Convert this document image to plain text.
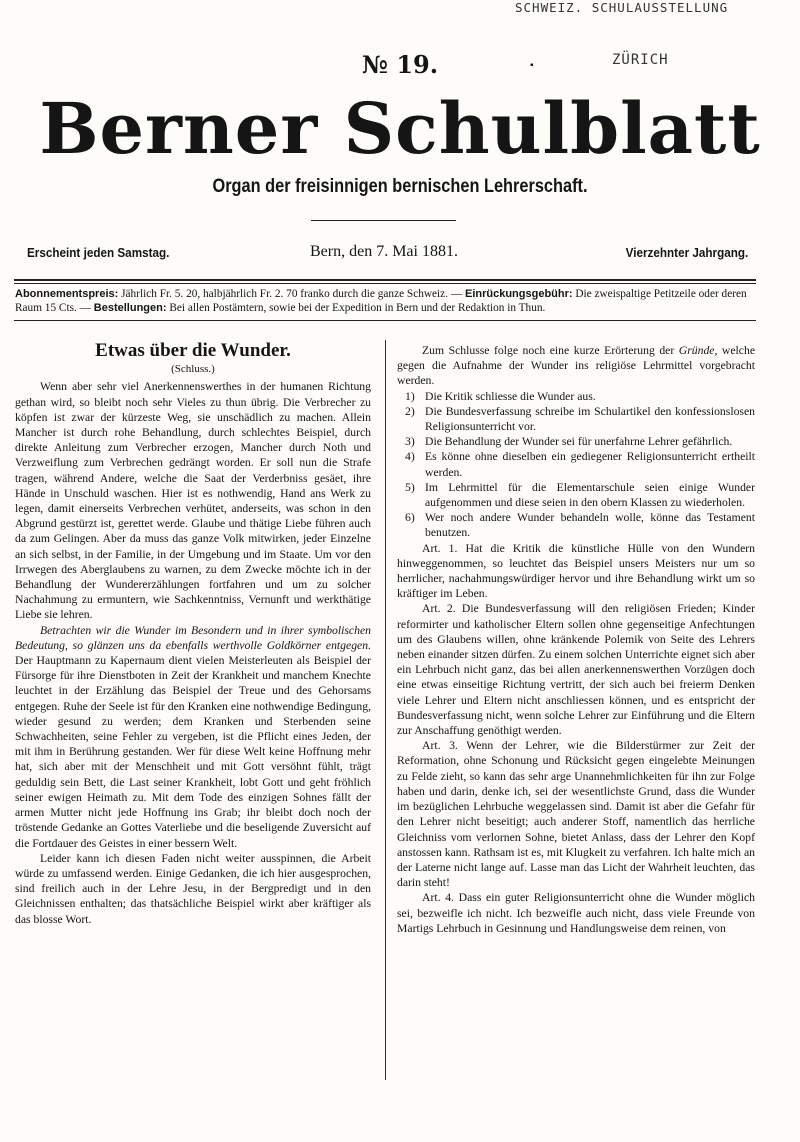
SCHWEIZ. SCHULAUSSTELLUNG
№ 19.	▪	ZÜRICH
Berner Schulblatt
Organ der freisinnigen bernischen Lehrerschaft.
Erscheint jeden Samstag.	Bern, den 7. Mai 1881.	Vierzehnter Jahrgang.
Abonnementspreis: Jährlich Fr. 5. 20, halbjährlich Fr. 2. 70 franko durch die ganze Schweiz. — Einrückungsgebühr: Die zweispaltige Petitzeile oder deren Raum 15 Cts. — Bestellungen: Bei allen Postämtern, sowie bei der Expedition in Bern und der Redaktion in Thun.
Etwas über die Wunder.

(Schluss.)

Wenn aber sehr viel Anerkennenswerthes in der humanen Richtung gethan wird, so bleibt noch sehr Vieles zu thun übrig. Die Verbrecher zu köpfen ist zwar der kürzeste Weg, sie unschädlich zu machen. Allein Mancher ist durch rohe Behandlung, durch schlechtes Beispiel, durch direkte Anleitung zum Verbrecher erzogen, Mancher durch Noth und Verzweiflung zum Verbrechen gedrängt worden. Er soll nun die Strafe tragen, während Andere, welche die Saat der Verderbniss gesäet, ihre Hände in Unschuld waschen. Hier ist es nothwendig, Hand ans Werk zu legen, damit einerseits Verbrechen verhütet, anderseits, was schon in den Abgrund gestürzt ist, gerettet werde. Glaube und thätige Liebe führen auch da zum Gelingen. Aber da muss das ganze Volk mitwirken, jeder Einzelne an sich selbst, in der Familie, in der Umgebung und im Staate. Um vor den Irrwegen des Aberglaubens zu warnen, zu dem Zwecke möchte ich in der Behandlung der Wundererzählungen fortfahren und um zu solcher Nachahmung zu ermuntern, wie Sachkenntniss, Vernunft und werkthätige Liebe sie lehren.

Betrachten wir die Wunder im Besondern und in ihrer symbolischen Bedeutung, so glänzen uns da ebenfalls werthvolle Goldkörner entgegen. Der Hauptmann zu Kapernaum dient vielen Meisterleuten als Beispiel der Fürsorge für ihre Dienstboten in Zeit der Krankheit und manchem Knechte leuchtet in der Erzählung das Beispiel der Treue und des Gehorsams entgegen. Ruhe der Seele ist für den Kranken eine nothwendige Bedingung, wieder gesund zu werden; dem Kranken und Sterbenden seine Schwachheiten, seine Fehler zu vergeben, ist die Pflicht eines Jeden, der mit ihm in Berührung gestanden. Wer für diese Welt keine Hoffnung mehr hat, sich aber mit der Menschheit und mit Gott versöhnt fühlt, trägt geduldig sein Bett, die Last seiner Krankheit, lobt Gott und geht fröhlich seiner ewigen Heimath zu. Mit dem Tode des einzigen Sohnes fällt der armen Mutter nicht jede Hoffnung ins Grab; ihr bleibt doch noch der tröstende Gedanke an Gottes Vaterliebe und die beseligende Zuversicht auf die Fortdauer des Geistes in einer bessern Welt.

Leider kann ich diesen Faden nicht weiter ausspinnen, die Arbeit würde zu umfassend werden. Einige Gedanken, die ich hier ausgesprochen, sind freilich auch in der Lehre Jesu, in der Bergpredigt und in den Gleichnissen enthalten; das thatsächliche Beispiel wirkt aber kräftiger als das blosse Wort.

Zum Schlusse folge noch eine kurze Erörterung der Gründe, welche gegen die Aufnahme der Wunder ins religiöse Lehrmittel vorgebracht werden.

1) Die Kritik schliesse die Wunder aus.
2) Die Bundesverfassung schreibe im Schulartikel den konfessionslosen Religionsunterricht vor.
3) Die Behandlung der Wunder sei für unerfahrne Lehrer gefährlich.
4) Es könne ohne dieselben ein gediegener Religionsunterricht ertheilt werden.
5) Im Lehrmittel für die Elementarschule seien einige Wunder aufgenommen und diese seien in den obern Klassen zu wiederholen.
6) Wer noch andere Wunder behandeln wolle, könne das Testament benutzen.

Art. 1. Hat die Kritik die künstliche Hülle von den Wundern hinweggenommen, so leuchtet das Beispiel unsers Meisters nur um so herrlicher, nachahmungswürdiger hervor und ihre Behandlung wirkt um so kräftiger im Leben.

Art. 2. Die Bundesverfassung will den religiösen Frieden; Kinder reformirter und katholischer Eltern sollen ohne gegenseitige Anfechtungen um des Glaubens willen, ohne kränkende Polemik von Seite des Lehrers neben einander sitzen dürfen. Zu einem solchen Unterrichte eignet sich aber ein Lehrbuch nicht ganz, das bei allen anerkennenswerthen Vorzügen doch eine etwas einseitige Richtung vertritt, der sich auch bei freierm Denken viele Lehrer und Eltern nicht anschliessen können, und es entspricht der Bundesverfassung nicht, wenn solche Lehrer zur Einführung und die Eltern zur Anschaffung genöthigt werden.

Art. 3. Wenn der Lehrer, wie die Bilderstürmer zur Zeit der Reformation, ohne Schonung und Rücksicht gegen eingelebte Meinungen zu Felde zieht, so kann das sehr arge Unannehmlichkeiten für ihn zur Folge haben und darin, denke ich, sei der wesentlichste Grund, dass die Wunder im bezüglichen Lehrbuche weggelassen sind. Damit ist aber die Gefahr für den Lehrer nicht beseitigt; auch anderer Stoff, namentlich das herrliche Gleichniss vom verlornen Sohne, bietet Anlass, dass der Lehrer den Kopf anstossen kann. Rathsam ist es, mit Klugkeit zu verfahren. Ich halte mich an der Laterne nicht lange auf. Lasse man das Licht der Wahrheit leuchten, das darin steht!

Art. 4. Dass ein guter Religionsunterricht ohne die Wunder möglich sei, bezweifle ich nicht. Ich bezweifle auch nicht, dass viele Freunde von Martigs Lehrbuch in Gesinnung und Handlungsweise dem reinen, von
